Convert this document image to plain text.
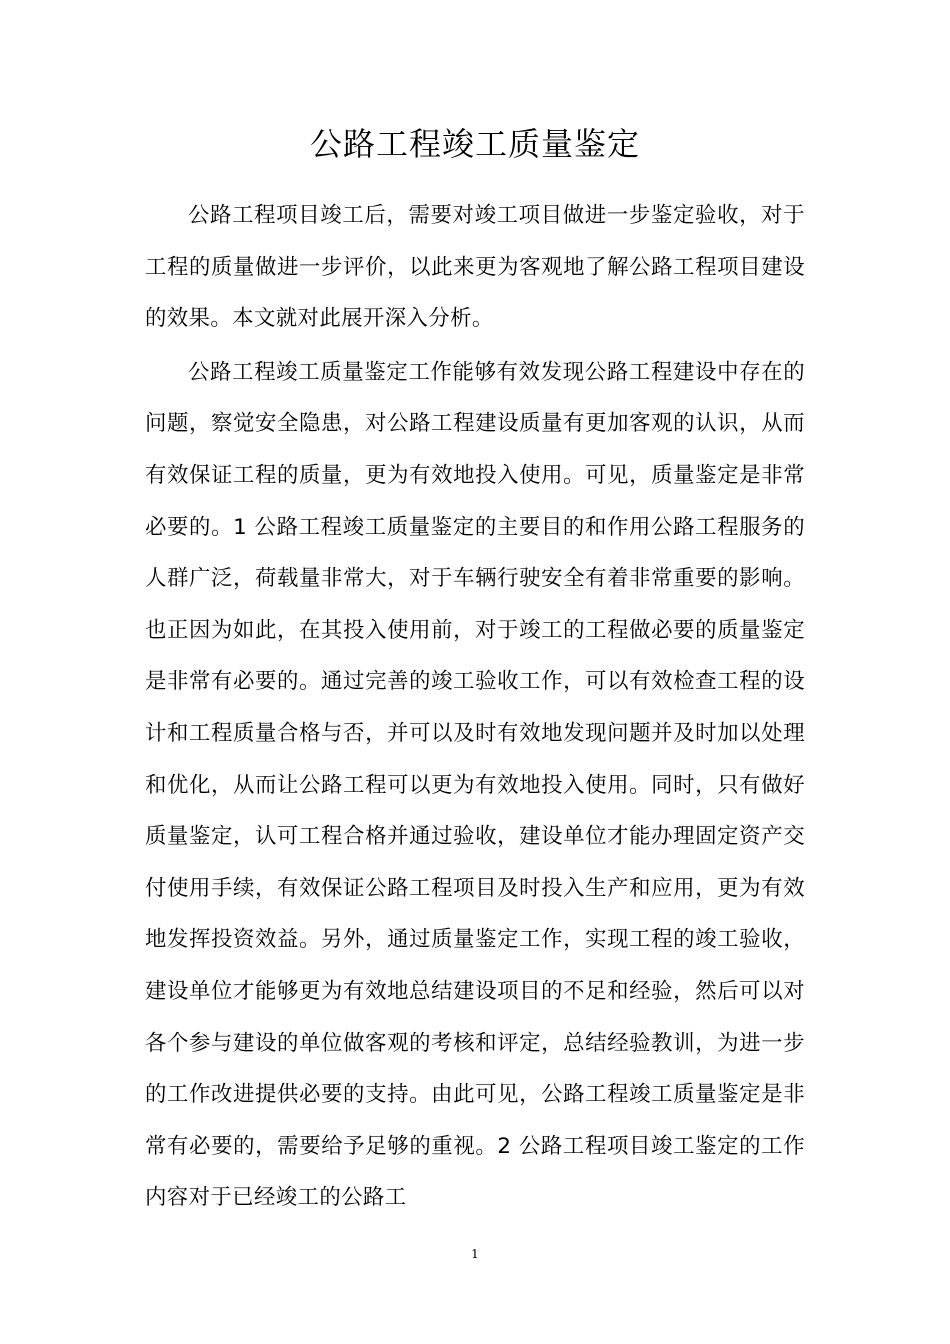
公路工程竣工质量鉴定

公路工程项目竣工后，需要对竣工项目做进一步鉴定验收，对于工程的质量做进一步评价，以此来更为客观地了解公路工程项目建设的效果。本文就对此展开深入分析。

公路工程竣工质量鉴定工作能够有效发现公路工程建设中存在的问题，察觉安全隐患，对公路工程建设质量有更加客观的认识，从而有效保证工程的质量，更为有效地投入使用。可见，质量鉴定是非常必要的。1 公路工程竣工质量鉴定的主要目的和作用公路工程服务的人群广泛，荷载量非常大，对于车辆行驶安全有着非常重要的影响。也正因为如此，在其投入使用前，对于竣工的工程做必要的质量鉴定是非常有必要的。通过完善的竣工验收工作，可以有效检查工程的设计和工程质量合格与否，并可以及时有效地发现问题并及时加以处理和优化，从而让公路工程可以更为有效地投入使用。同时，只有做好质量鉴定，认可工程合格并通过验收，建设单位才能办理固定资产交付使用手续，有效保证公路工程项目及时投入生产和应用，更为有效地发挥投资效益。另外，通过质量鉴定工作，实现工程的竣工验收，建设单位才能够更为有效地总结建设项目的不足和经验，然后可以对各个参与建设的单位做客观的考核和评定，总结经验教训，为进一步的工作改进提供必要的支持。由此可见，公路工程竣工质量鉴定是非常有必要的，需要给予足够的重视。2 公路工程项目竣工鉴定的工作内容对于已经竣工的公路工

1
